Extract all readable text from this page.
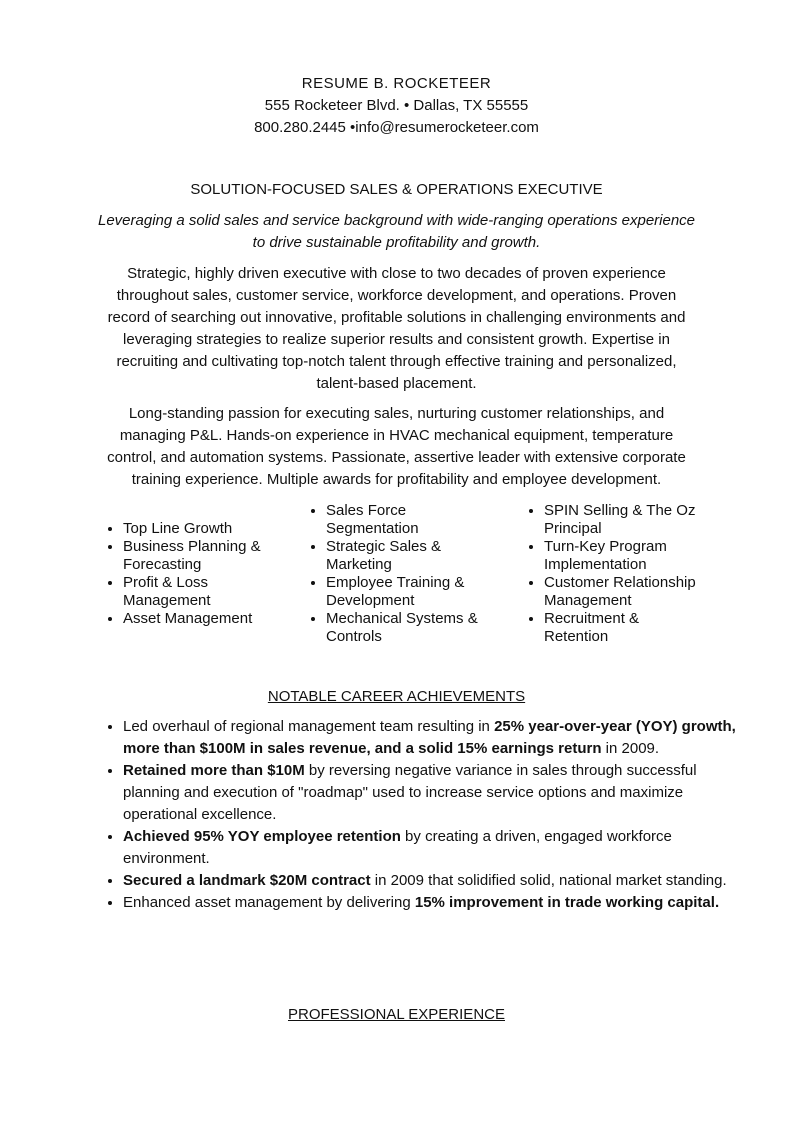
RESUME B. ROCKETEER
555 Rocketeer Blvd. • Dallas, TX 55555
800.280.2445 •info@resumerocketeer.com
SOLUTION-FOCUSED SALES & OPERATIONS EXECUTIVE
Leveraging a solid sales and service background with wide-ranging operations experience
to drive sustainable profitability and growth.
Strategic, highly driven executive with close to two decades of proven experience
throughout sales, customer service, workforce development, and operations. Proven
record of searching out innovative, profitable solutions in challenging environments and
leveraging strategies to realize superior results and consistent growth. Expertise in
recruiting and cultivating top-notch talent through effective training and personalized,
talent-based placement.
Long-standing passion for executing sales, nurturing customer relationships, and
managing P&L. Hands-on experience in HVAC mechanical equipment, temperature
control, and automation systems. Passionate, assertive leader with extensive corporate
training experience. Multiple awards for profitability and employee development.
• Top Line Growth
• Business Planning &
Forecasting
• Profit & Loss
Management
• Asset Management
• Sales Force
Segmentation
• Strategic Sales &
Marketing
• Employee Training &
Development
• Mechanical Systems &
Controls
• SPIN Selling & The Oz
Principal
• Turn-Key Program
Implementation
• Customer Relationship
Management
• Recruitment &
Retention
NOTABLE CAREER ACHIEVEMENTS
• Led overhaul of regional management team resulting in 25% year-over-year (YOY) growth, more than $100M in sales revenue, and a solid 15% earnings return in 2009.
• Retained more than $10M by reversing negative variance in sales through successful planning and execution of "roadmap" used to increase service options and maximize operational excellence.
• Achieved 95% YOY employee retention by creating a driven, engaged workforce environment.
• Secured a landmark $20M contract in 2009 that solidified solid, national market standing.
• Enhanced asset management by delivering 15% improvement in trade working capital.
PROFESSIONAL EXPERIENCE
